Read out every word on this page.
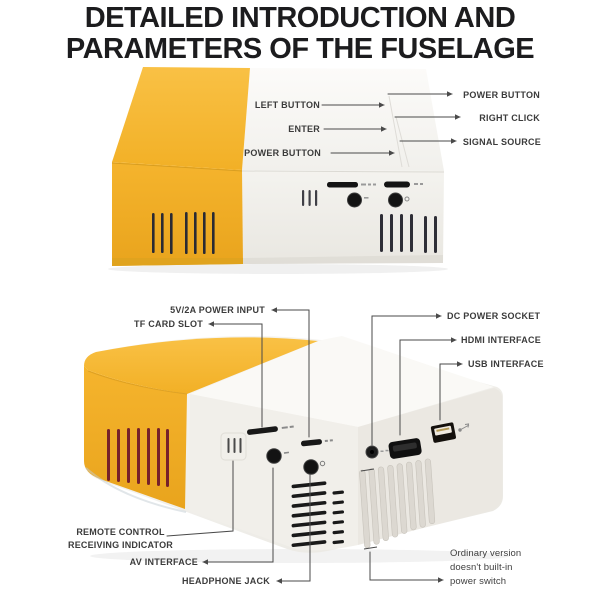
DETAILED INTRODUCTION AND
PARAMETERS OF THE FUSELAGE
LEFT BUTTON
ENTER
POWER BUTTON
POWER BUTTON
RIGHT CLICK
SIGNAL SOURCE
5V/2A POWER INPUT
TF CARD SLOT
DC POWER SOCKET
HDMI INTERFACE
USB INTERFACE
REMOTE CONTROL
RECEIVING INDICATOR
AV INTERFACE
HEADPHONE JACK
Ordinary version
doesn't built-in
power switch
